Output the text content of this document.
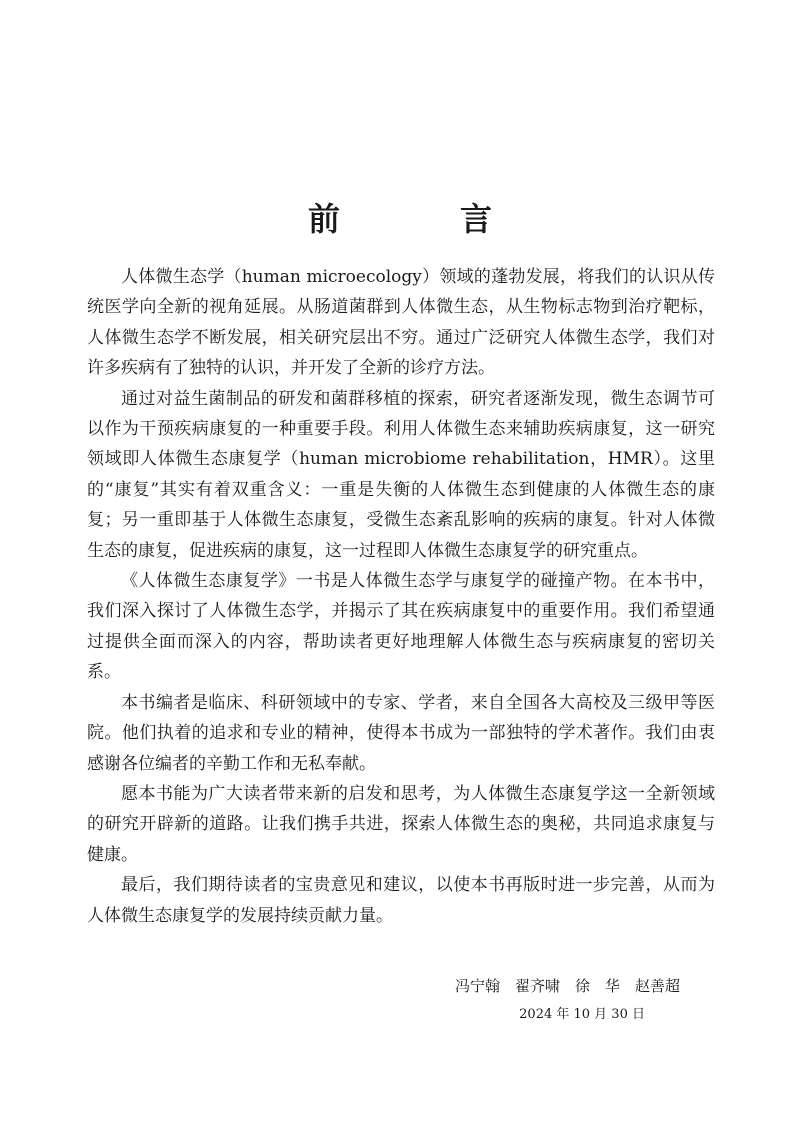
前　言

人体微生态学（human microecology）领域的蓬勃发展，将我们的认识从传统医学向全新的视角延展。从肠道菌群到人体微生态，从生物标志物到治疗靶标，人体微生态学不断发展，相关研究层出不穷。通过广泛研究人体微生态学，我们对许多疾病有了独特的认识，并开发了全新的诊疗方法。

通过对益生菌制品的研发和菌群移植的探索，研究者逐渐发现，微生态调节可以作为干预疾病康复的一种重要手段。利用人体微生态来辅助疾病康复，这一研究领域即人体微生态康复学（human microbiome rehabilitation，HMR）。这里的“康复”其实有着双重含义：一重是失衡的人体微生态到健康的人体微生态的康复；另一重即基于人体微生态康复，受微生态紊乱影响的疾病的康复。针对人体微生态的康复，促进疾病的康复，这一过程即人体微生态康复学的研究重点。

《人体微生态康复学》一书是人体微生态学与康复学的碰撞产物。在本书中，我们深入探讨了人体微生态学，并揭示了其在疾病康复中的重要作用。我们希望通过提供全面而深入的内容，帮助读者更好地理解人体微生态与疾病康复的密切关系。

本书编者是临床、科研领域中的专家、学者，来自全国各大高校及三级甲等医院。他们执着的追求和专业的精神，使得本书成为一部独特的学术著作。我们由衷感谢各位编者的辛勤工作和无私奉献。

愿本书能为广大读者带来新的启发和思考，为人体微生态康复学这一全新领域的研究开辟新的道路。让我们携手共进，探索人体微生态的奥秘，共同追求康复与健康。

最后，我们期待读者的宝贵意见和建议，以使本书再版时进一步完善，从而为人体微生态康复学的发展持续贡献力量。

冯宁翰　翟齐啸　徐　华　赵善超
2024 年 10 月 30 日
